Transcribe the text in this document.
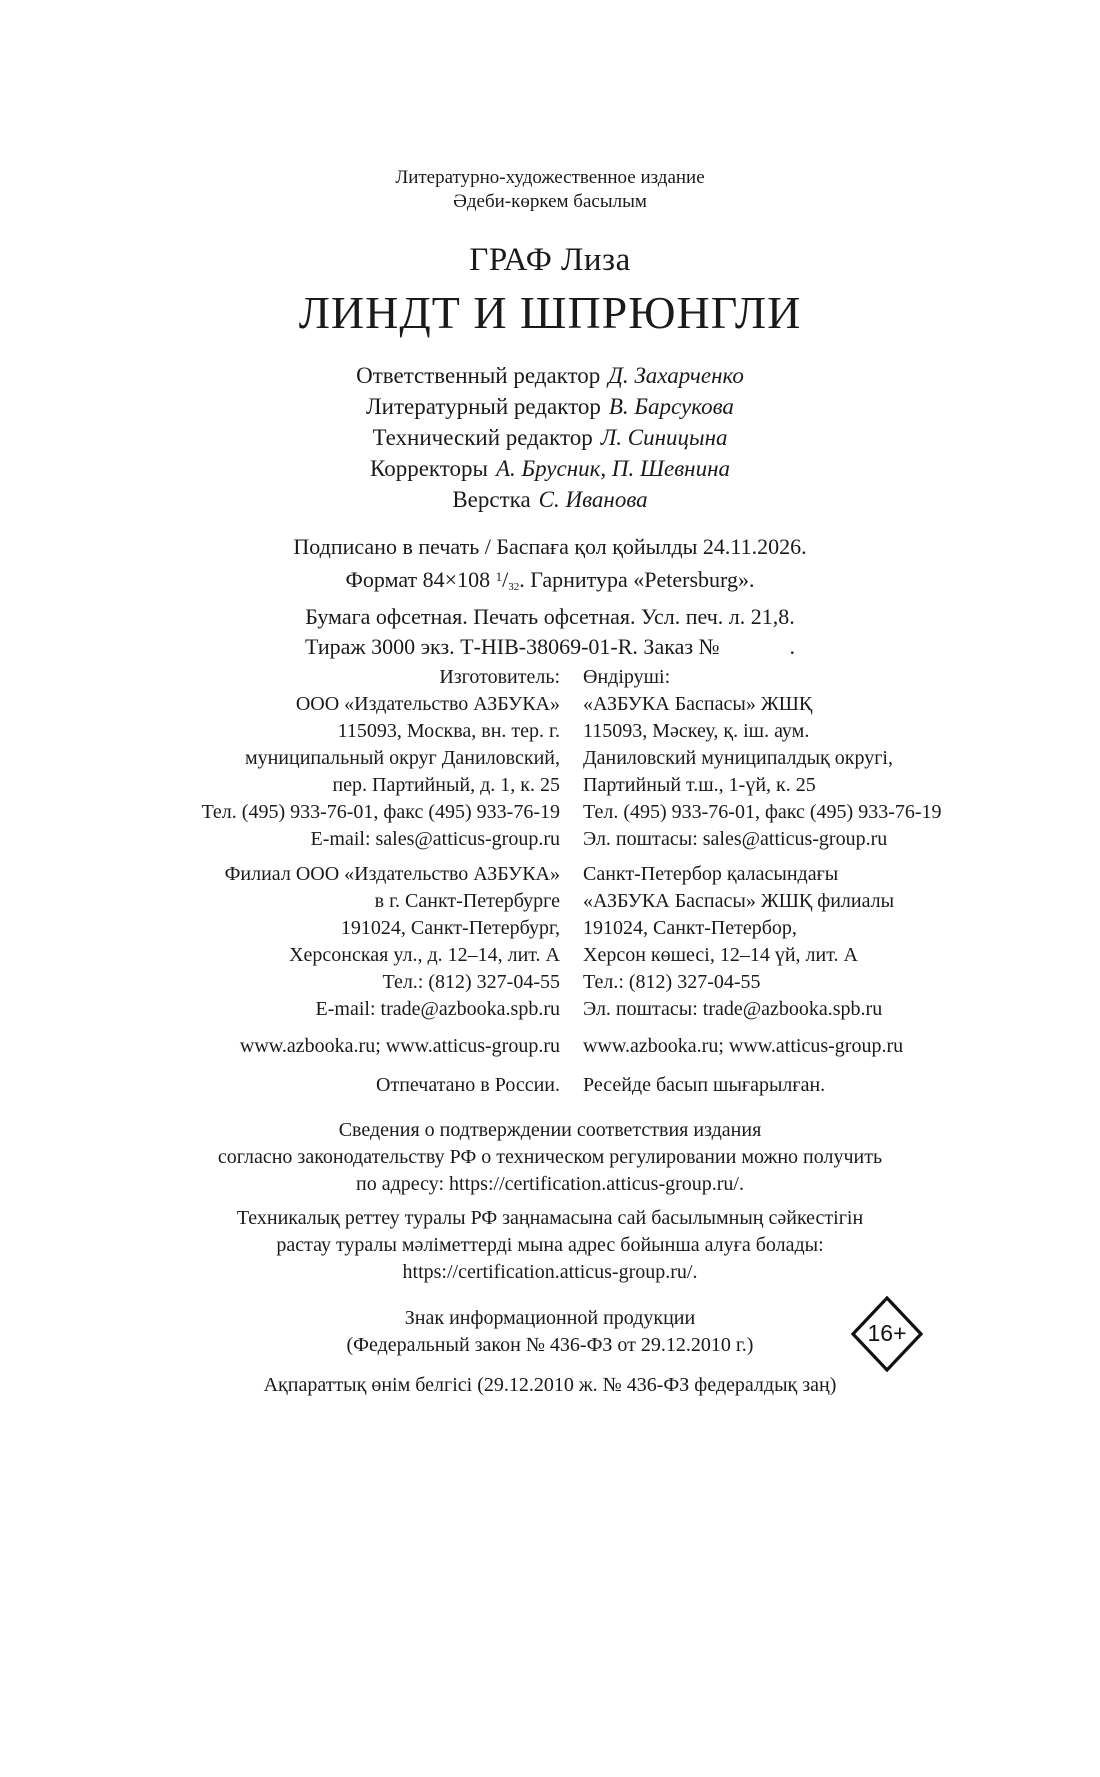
Литературно-художественное издание
Әдеби-көркем басылым
ГРАФ Лиза
ЛИНДТ И ШПРЮНГЛИ
Ответственный редактор Д. Захарченко
Литературный редактор В. Барсукова
Технический редактор Л. Синицына
Корректоры А. Брусник, П. Шевнина
Верстка С. Иванова
Подписано в печать / Баспаға қол қойылды 24.11.2026.
Формат 84×108 $^1/_{32}$. Гарнитура «Petersburg».
Бумага офсетная. Печать офсетная. Усл. печ. л. 21,8.
Тираж 3000 экз. Т-HIB-38069-01-R. Заказ №	.
Изготовитель:
ООО «Издательство АЗБУКА»
115093, Москва, вн. тер. г.
муниципальный округ Даниловский,
пер. Партийный, д. 1, к. 25
Тел. (495) 933-76-01, факс (495) 933-76-19
E-mail: sales@atticus-group.ru
Өндіруші:
«АЗБУКА Баспасы» ЖШҚ
115093, Мәскеу, қ. іш. аум.
Даниловский муниципалдық округі,
Партийный т.ш., 1-үй, к. 25
Тел. (495) 933-76-01, факс (495) 933-76-19
Эл. поштасы: sales@atticus-group.ru
Филиал ООО «Издательство АЗБУКА»
в г. Санкт-Петербурге
191024, Санкт-Петербург,
Херсонская ул., д. 12–14, лит. А
Тел.: (812) 327-04-55
E-mail: trade@azbooka.spb.ru
Санкт-Петербор қаласындағы
«АЗБУКА Баспасы» ЖШҚ филиалы
191024, Санкт-Петербор,
Херсон көшесі, 12–14 үй, лит. А
Тел.: (812) 327-04-55
Эл. поштасы: trade@azbooka.spb.ru
www.azbooka.ru; www.atticus-group.ru www.azbooka.ru; www.atticus-group.ru
Отпечатано в России. Ресейде басып шығарылған.
Сведения о подтверждении соответствия издания
согласно законодательству РФ о техническом регулировании можно получить
по адресу: https://certification.atticus-group.ru/.
Техникалық реттеу туралы РФ заңнамасына сай басылымның сәйкестігін
растау туралы мәліметтерді мына адрес бойынша алуға болады:
https://certification.atticus-group.ru/.
Знак информационной продукции
(Федеральный закон № 436-ФЗ от 29.12.2010 г.)	16+
Ақпараттық өнім белгісі (29.12.2010 ж. № 436-ФЗ федералдық заң)
